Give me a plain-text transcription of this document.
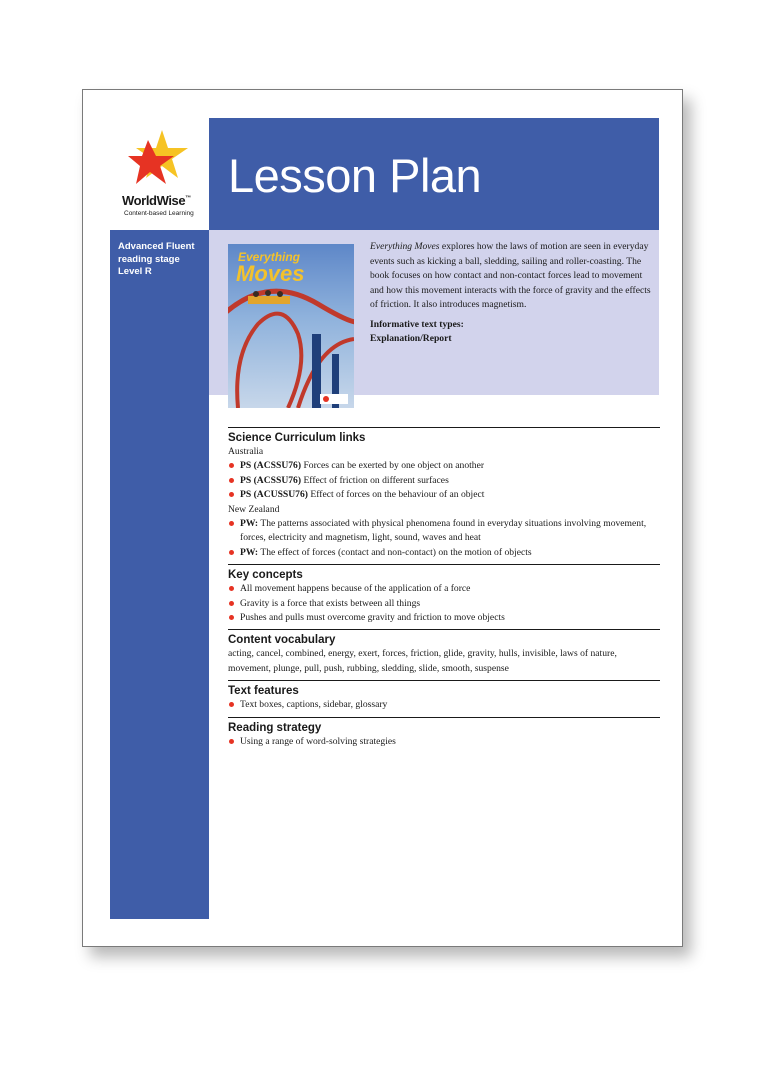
WorldWise™
Content-based Learning
Advanced Fluent
reading stage
Level R
Lesson Plan
Everything
Moves

Everything Moves explores how the laws of motion are seen in everyday events such as kicking a ball, sledding, sailing and roller-coasting. The book focuses on how contact and non-contact forces lead to movement and how this movement interacts with the force of gravity and the effects of friction. It also introduces magnetism.

Informative text types:
Explanation/Report
Science Curriculum links
Australia
PS (ACSSU76) Forces can be exerted by one object on another
PS (ACSSU76) Effect of friction on different surfaces
PS (ACUSSU76) Effect of forces on the behaviour of an object
New Zealand
PW: The patterns associated with physical phenomena found in everyday situations involving movement, forces, electricity and magnetism, light, sound, waves and heat
PW: The effect of forces (contact and non-contact) on the motion of objects
Key concepts
All movement happens because of the application of a force
Gravity is a force that exists between all things
Pushes and pulls must overcome gravity and friction to move objects
Content vocabulary
acting, cancel, combined, energy, exert, forces, friction, glide, gravity, hulls, invisible, laws of nature, movement, plunge, pull, push, rubbing, sledding, slide, smooth, suspense
Text features
Text boxes, captions, sidebar, glossary
Reading strategy
Using a range of word-solving strategies
